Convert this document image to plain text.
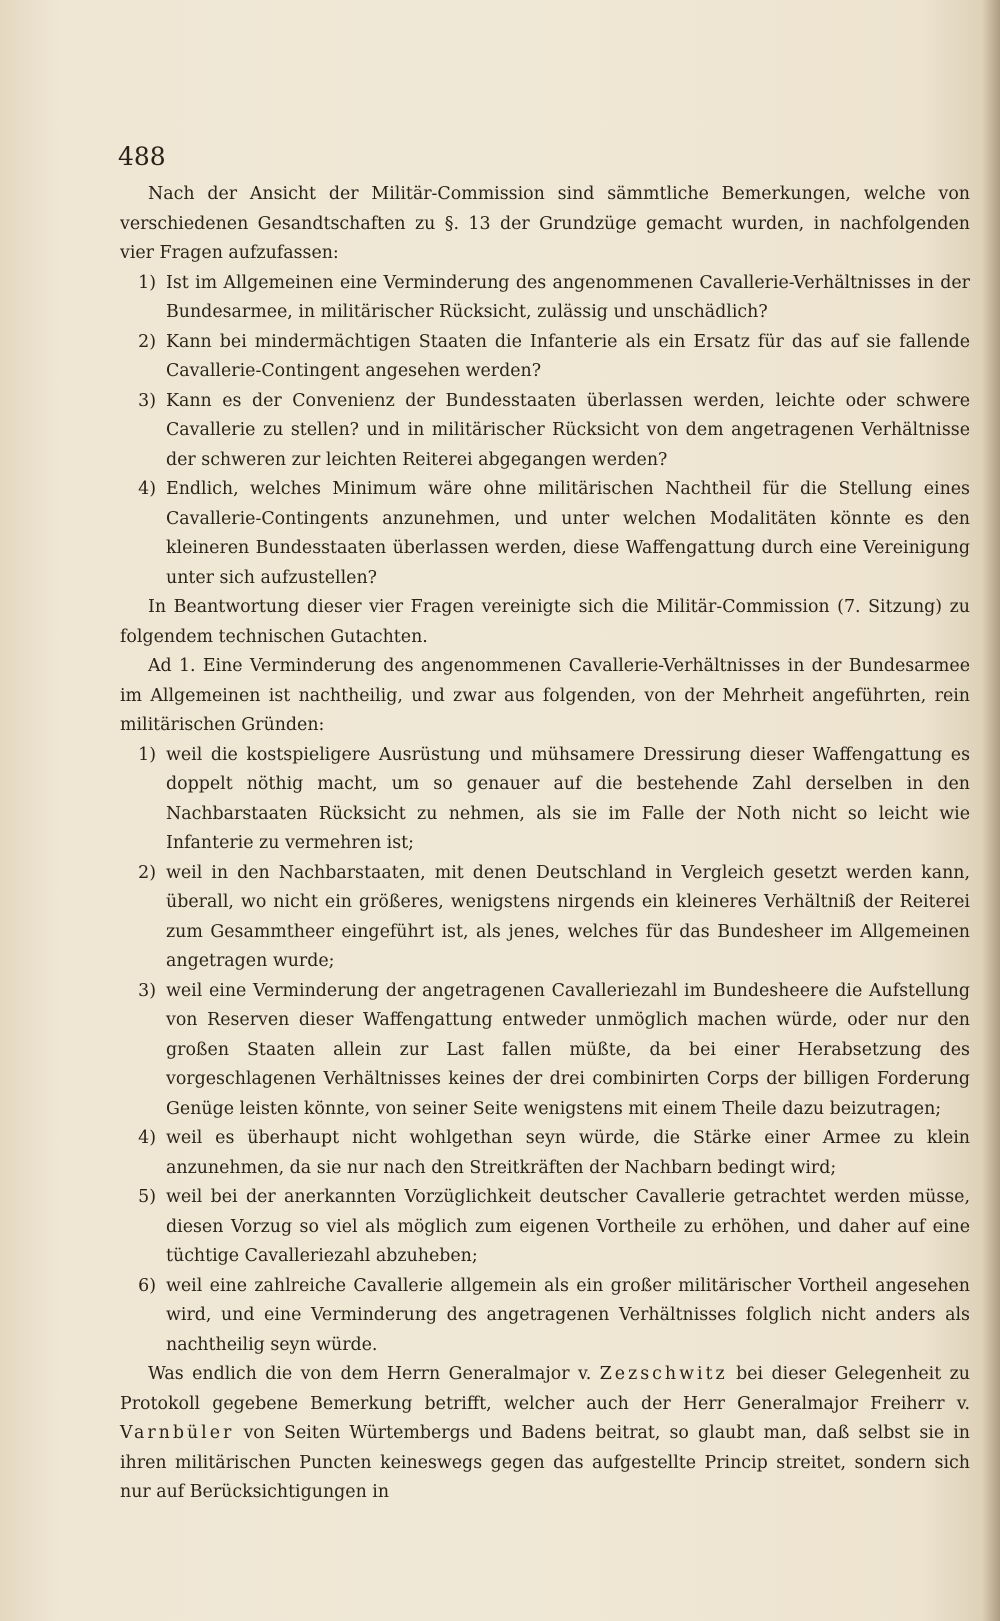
488

Nach der Ansicht der Militär-Commission sind sämmtliche Bemerkungen, welche von verschiedenen Gesandtschaften zu §. 13 der Grundzüge gemacht wurden, in nachfolgenden vier Fragen aufzufassen:

1) Ist im Allgemeinen eine Verminderung des angenommenen Cavallerie-Verhältnisses in der Bundesarmee, in militärischer Rücksicht, zulässig und unschädlich?
2) Kann bei mindermächtigen Staaten die Infanterie als ein Ersatz für das auf sie fallende Cavallerie-Contingent angesehen werden?
3) Kann es der Convenienz der Bundesstaaten überlassen werden, leichte oder schwere Cavallerie zu stellen? und in militärischer Rücksicht von dem angetragenen Verhältnisse der schweren zur leichten Reiterei abgegangen werden?
4) Endlich, welches Minimum wäre ohne militärischen Nachtheil für die Stellung eines Cavallerie-Contingents anzunehmen, und unter welchen Modalitäten könnte es den kleineren Bundesstaaten überlassen werden, diese Waffengattung durch eine Vereinigung unter sich aufzustellen?

In Beantwortung dieser vier Fragen vereinigte sich die Militär-Commission (7. Sitzung) zu folgendem technischen Gutachten.

Ad 1. Eine Verminderung des angenommenen Cavallerie-Verhältnisses in der Bundesarmee im Allgemeinen ist nachtheilig, und zwar aus folgenden, von der Mehrheit angeführten, rein militärischen Gründen:

1) weil die kostspieligere Ausrüstung und mühsamere Dressirung dieser Waffengattung es doppelt nöthig macht, um so genauer auf die bestehende Zahl derselben in den Nachbarstaaten Rücksicht zu nehmen, als sie im Falle der Noth nicht so leicht wie Infanterie zu vermehren ist;
2) weil in den Nachbarstaaten, mit denen Deutschland in Vergleich gesetzt werden kann, überall, wo nicht ein größeres, wenigstens nirgends ein kleineres Verhältniß der Reiterei zum Gesammtheer eingeführt ist, als jenes, welches für das Bundesheer im Allgemeinen angetragen wurde;
3) weil eine Verminderung der angetragenen Cavalleriezahl im Bundesheere die Aufstellung von Reserven dieser Waffengattung entweder unmöglich machen würde, oder nur den großen Staaten allein zur Last fallen müßte, da bei einer Herabsetzung des vorgeschlagenen Verhältnisses keines der drei combinirten Corps der billigen Forderung Genüge leisten könnte, von seiner Seite wenigstens mit einem Theile dazu beizutragen;
4) weil es überhaupt nicht wohlgethan seyn würde, die Stärke einer Armee zu klein anzunehmen, da sie nur nach den Streitkräften der Nachbarn bedingt wird;
5) weil bei der anerkannten Vorzüglichkeit deutscher Cavallerie getrachtet werden müsse, diesen Vorzug so viel als möglich zum eigenen Vortheile zu erhöhen, und daher auf eine tüchtige Cavalleriezahl abzuheben;
6) weil eine zahlreiche Cavallerie allgemein als ein großer militärischer Vortheil angesehen wird, und eine Verminderung des angetragenen Verhältnisses folglich nicht anders als nachtheilig seyn würde.

Was endlich die von dem Herrn Generalmajor v. Zezschwitz bei dieser Gelegenheit zu Protokoll gegebene Bemerkung betrifft, welcher auch der Herr Generalmajor Freiherr v. Varnbüler von Seiten Würtembergs und Badens beitrat, so glaubt man, daß selbst sie in ihren militärischen Puncten keineswegs gegen das aufgestellte Princip streitet, sondern sich nur auf Berücksichtigungen in
